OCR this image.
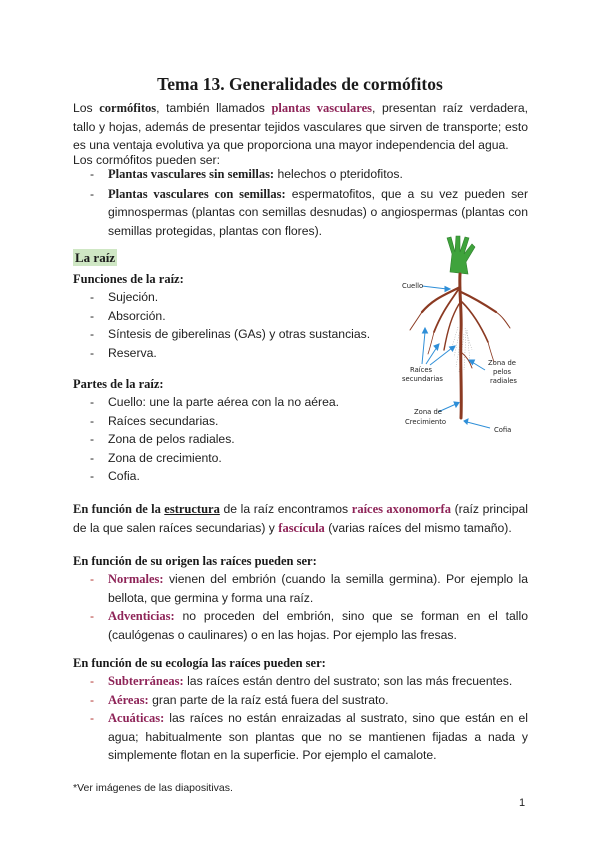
Tema 13. Generalidades de cormófitos
Los cormófitos, también llamados plantas vasculares, presentan raíz verdadera, tallo y hojas, además de presentar tejidos vasculares que sirven de transporte; esto es una ventaja evolutiva ya que proporciona una mayor independencia del agua.
Los cormófitos pueden ser:
- Plantas vasculares sin semillas: helechos o pteridofitos.
- Plantas vasculares con semillas: espermatofitos, que a su vez pueden ser gimnospermas (plantas con semillas desnudas) o angiospermas (plantas con semillas protegidas, plantas con flores).
La raíz
Funciones de la raíz:
- Sujeción.
- Absorción.
- Síntesis de giberelinas (GAs) y otras sustancias.
- Reserva.
Partes de la raíz:
- Cuello: une la parte aérea con la no aérea.
- Raíces secundarias.
- Zona de pelos radiales.
- Zona de crecimiento.
- Cofia.
Cuello
Raíces
secundarias
Zona de
pelos
radiales
Zona de
Crecimiento
Cofia
En función de la estructura de la raíz encontramos raíces axonomorfa (raíz principal de la que salen raíces secundarias) y fascícula (varias raíces del mismo tamaño).
En función de su origen las raíces pueden ser:
- Normales: vienen del embrión (cuando la semilla germina). Por ejemplo la bellota, que germina y forma una raíz.
- Adventicias: no proceden del embrión, sino que se forman en el tallo (caulógenas o caulinares) o en las hojas. Por ejemplo las fresas.
En función de su ecología las raíces pueden ser:
- Subterráneas: las raíces están dentro del sustrato; son las más frecuentes.
- Aéreas: gran parte de la raíz está fuera del sustrato.
- Acuáticas: las raíces no están enraizadas al sustrato, sino que están en el agua; habitualmente son plantas que no se mantienen fijadas a nada y simplemente flotan en la superficie. Por ejemplo el camalote.
*Ver imágenes de las diapositivas.
1
